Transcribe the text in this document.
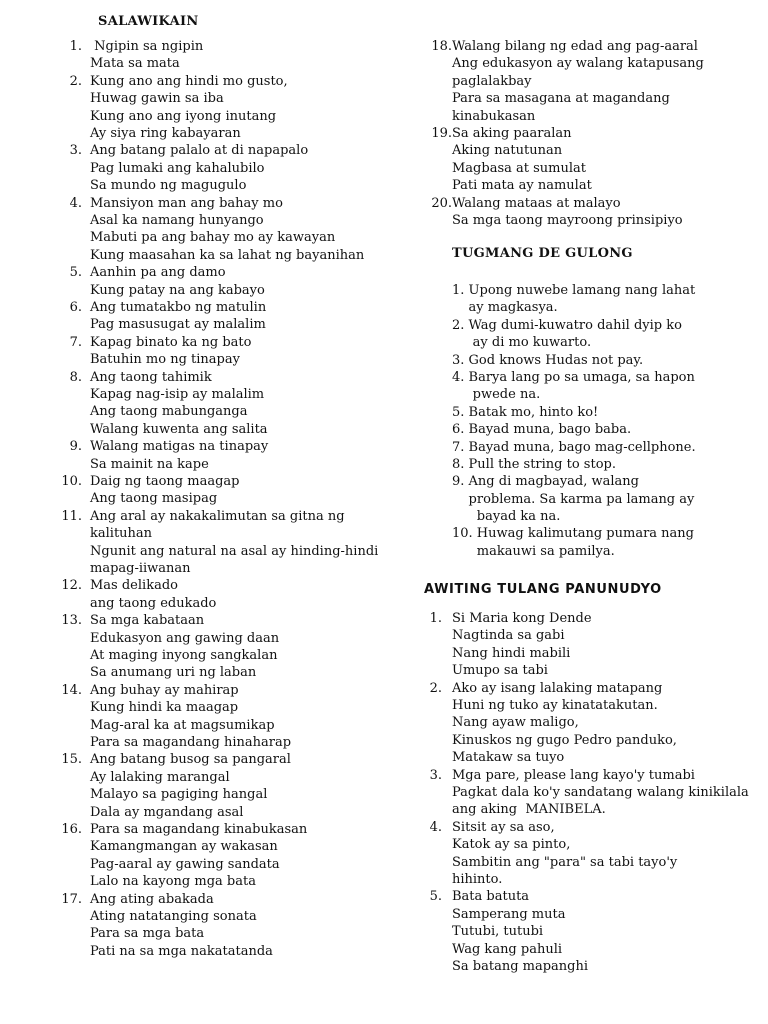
SALAWIKAIN
1. Ngipin sa ngipin
Mata sa mata
2. Kung ano ang hindi mo gusto,
Huwag gawin sa iba
Kung ano ang iyong inutang
Ay siya ring kabayaran
3. Ang batang palalo at di napapalo
Pag lumaki ang kahalubilo
Sa mundo ng magugulo
4. Mansiyon man ang bahay mo
Asal ka namang hunyango
Mabuti pa ang bahay mo ay kawayan
Kung maasahan ka sa lahat ng bayanihan
5. Aanhin pa ang damo
Kung patay na ang kabayo
6. Ang tumatakbo ng matulin
Pag masusugat ay malalim
7. Kapag binato ka ng bato
Batuhin mo ng tinapay
8. Ang taong tahimik
Kapag nag-isip ay malalim
Ang taong mabunganga
Walang kuwenta ang salita
9. Walang matigas na tinapay
Sa mainit na kape
10. Daig ng taong maagap
Ang taong masipag
11. Ang aral ay nakakalimutan sa gitna ng
kalituhan
Ngunit ang natural na asal ay hinding-hindi
mapag-iiwanan
12. Mas delikado
ang taong edukado
13. Sa mga kabataan
Edukasyon ang gawing daan
At maging inyong sangkalan
Sa anumang uri ng laban
14. Ang buhay ay mahirap
Kung hindi ka maagap
Mag-aral ka at magsumikap
Para sa magandang hinaharap
15. Ang batang busog sa pangaral
Ay lalaking marangal
Malayo sa pagiging hangal
Dala ay mgandang asal
16. Para sa magandang kinabukasan
Kamangmangan ay wakasan
Pag-aaral ay gawing sandata
Lalo na kayong mga bata
17. Ang ating abakada
Ating natatanging sonata
Para sa mga bata
Pati na sa mga nakatatanda
18. Walang bilang ng edad ang pag-aaral
Ang edukasyon ay walang katapusang
paglalakbay
Para sa masagana at magandang
kinabukasan
19. Sa aking paaralan
Aking natutunan
Magbasa at sumulat
Pati mata ay namulat
20. Walang mataas at malayo
Sa mga taong mayroong prinsipiyo
TUGMANG DE GULONG
1. Upong nuwebe lamang nang lahat
ay magkasya.
2. Wag dumi-kuwatro dahil dyip ko
ay di mo kuwarto.
3. God knows Hudas not pay.
4. Barya lang po sa umaga, sa hapon
pwede na.
5. Batak mo, hinto ko!
6. Bayad muna, bago baba.
7. Bayad muna, bago mag-cellphone.
8. Pull the string to stop.
9. Ang di magbayad, walang
problema. Sa karma pa lamang ay
bayad ka na.
10. Huwag kalimutang pumara nang
makauwi sa pamilya.
AWITING TULANG PANUNUDYO
1. Si Maria kong Dende
Nagtinda sa gabi
Nang hindi mabili
Umupo sa tabi
2. Ako ay isang lalaking matapang
Huni ng tuko ay kinatatakutan.
Nang ayaw maligo,
Kinuskos ng gugo Pedro panduko,
Matakaw sa tuyo
3. Mga pare, please lang kayo'y tumabi
Pagkat dala ko'y sandatang walang kinikilala
ang aking  MANIBELA.
4. Sitsit ay sa aso,
Katok ay sa pinto,
Sambitin ang "para" sa tabi tayo'y
hihinto.
5. Bata batuta
Samperang muta
Tutubi, tutubi
Wag kang pahuli
Sa batang mapanghi
